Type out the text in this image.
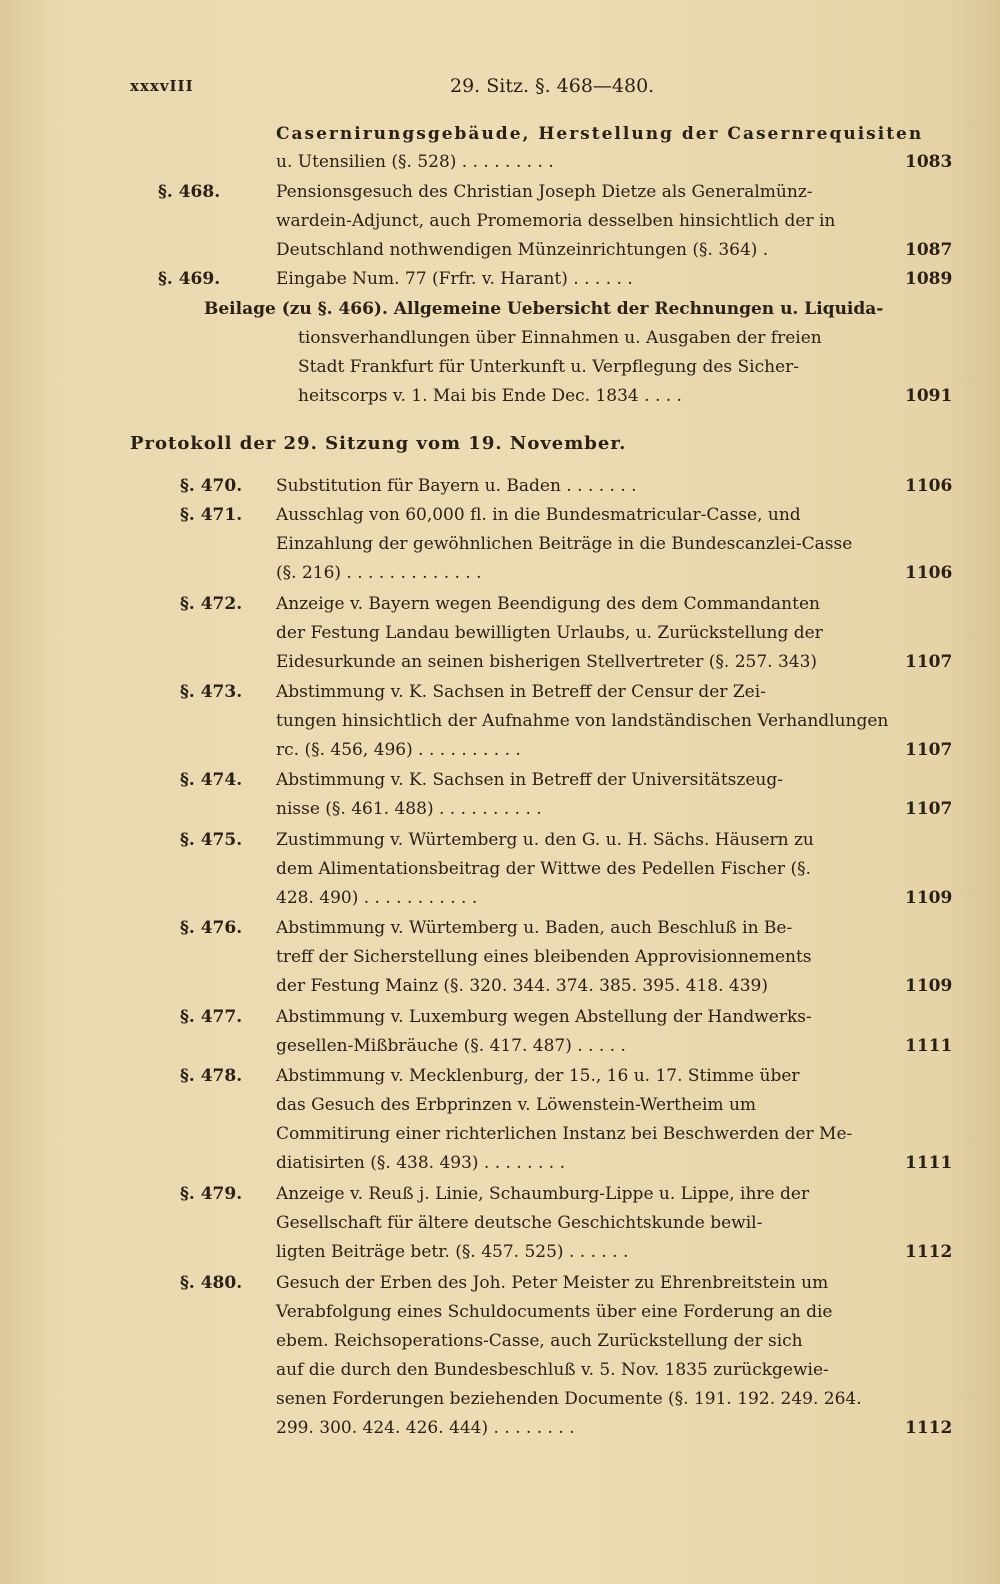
xxxvIII	29. Sitz. §. 468—480.
Casernirungsgebäude, Herstellung der Casernrequisiten
u. Utensilien (§. 528) . . . . . . . . .	1083
§. 468.	Pensionsgesuch des Christian Joseph Dietze als Generalmünz-
wardein-Adjunct, auch Promemoria desselben hinsichtlich der in
Deutschland nothwendigen Münzeinrichtungen (§. 364) .	1087
§. 469.	Eingabe Num. 77 (Frfr. v. Harant) . . . . . .	1089
Beilage (zu §. 466). Allgemeine Uebersicht der Rechnungen u. Liquida-
tionsverhandlungen über Einnahmen u. Ausgaben der freien
Stadt Frankfurt für Unterkunft u. Verpflegung des Sicher-
heitscorps v. 1. Mai bis Ende Dec. 1834 . . . .	1091
Protokoll der 29. Sitzung vom 19. November.
§. 470. Substitution für Bayern u. Baden . . . . . . .	1106
§. 471. Ausschlag von 60,000 fl. in die Bundesmatricular-Casse, und
Einzahlung der gewöhnlichen Beiträge in die Bundescanzlei-Casse
(§. 216) . . . . . . . . . . . . .	1106
§. 472. Anzeige v. Bayern wegen Beendigung des dem Commandanten
der Festung Landau bewilligten Urlaubs, u. Zurückstellung der
Eidesurkunde an seinen bisherigen Stellvertreter (§. 257. 343)	1107
§. 473. Abstimmung v. K. Sachsen in Betreff der Censur der Zei-
tungen hinsichtlich der Aufnahme von landständischen Verhandlungen
rc. (§. 456, 496) . . . . . . . . . .	1107
§. 474. Abstimmung v. K. Sachsen in Betreff der Universitätszeug-
nisse (§. 461. 488) . . . . . . . . . .	1107
§. 475. Zustimmung v. Würtemberg u. den G. u. H. Sächs. Häusern zu
dem Alimentationsbeitrag der Wittwe des Pedellen Fischer (§.
428. 490) . . . . . . . . . . .	1109
§. 476. Abstimmung v. Würtemberg u. Baden, auch Beschluß in Be-
treff der Sicherstellung eines bleibenden Approvisionnements
der Festung Mainz (§. 320. 344. 374. 385. 395. 418. 439)	1109
§. 477. Abstimmung v. Luxemburg wegen Abstellung der Handwerks-
gesellen-Mißbräuche (§. 417. 487) . . . . .	1111
§. 478. Abstimmung v. Mecklenburg, der 15., 16 u. 17. Stimme über
das Gesuch des Erbprinzen v. Löwenstein-Wertheim um
Commitirung einer richterlichen Instanz bei Beschwerden der Me-
diatisirten (§. 438. 493) . . . . . . . .	1111
§. 479. Anzeige v. Reuß j. Linie, Schaumburg-Lippe u. Lippe, ihre der
Gesellschaft für ältere deutsche Geschichtskunde bewil-
ligten Beiträge betr. (§. 457. 525) . . . . . .	1112
§. 480. Gesuch der Erben des Joh. Peter Meister zu Ehrenbreitstein um
Verabfolgung eines Schuldocuments über eine Forderung an die
ebem. Reichsoperations-Casse, auch Zurückstellung der sich
auf die durch den Bundesbeschluß v. 5. Nov. 1835 zurückgewie-
senen Forderungen beziehenden Documente (§. 191. 192. 249. 264.
299. 300. 424. 426. 444) . . . . . . . .	1112
